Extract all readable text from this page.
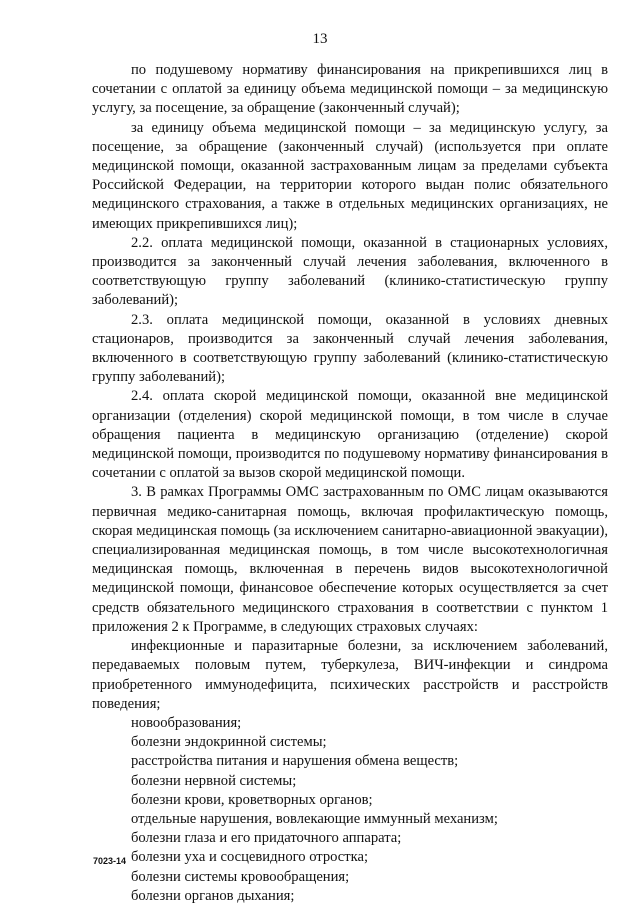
13

по подушевому нормативу финансирования на прикрепившихся лиц в сочетании с оплатой за единицу объема медицинской помощи – за медицинскую услугу, за посещение, за обращение (законченный случай);

за единицу объема медицинской помощи – за медицинскую услугу, за посещение, за обращение (законченный случай) (используется при оплате медицинской помощи, оказанной застрахованным лицам за пределами субъекта Российской Федерации, на территории которого выдан полис обязательного медицинского страхования, а также в отдельных медицинских организациях, не имеющих прикрепившихся лиц);

2.2. оплата медицинской помощи, оказанной в стационарных условиях, производится за законченный случай лечения заболевания, включенного в соответствующую группу заболеваний (клинико-статистическую группу заболеваний);

2.3. оплата медицинской помощи, оказанной в условиях дневных стационаров, производится за законченный случай лечения заболевания, включенного в соответствующую группу заболеваний (клинико-статистическую группу заболеваний);

2.4. оплата скорой медицинской помощи, оказанной вне медицинской организации (отделения) скорой медицинской помощи, в том числе в случае обращения пациента в медицинскую организацию (отделение) скорой медицинской помощи, производится по подушевому нормативу финансирования в сочетании с оплатой за вызов скорой медицинской помощи.

3. В рамках Программы ОМС застрахованным по ОМС лицам оказываются первичная медико-санитарная помощь, включая профилактическую помощь, скорая медицинская помощь (за исключением санитарно-авиационной эвакуации), специализированная медицинская помощь, в том числе высокотехнологичная медицинская помощь, включенная в перечень видов высокотехнологичной медицинской помощи, финансовое обеспечение которых осуществляется за счет средств обязательного медицинского страхования в соответствии с пунктом 1 приложения 2 к Программе, в следующих страховых случаях:

инфекционные и паразитарные болезни, за исключением заболеваний, передаваемых половым путем, туберкулеза, ВИЧ-инфекции и синдрома приобретенного иммунодефицита, психических расстройств и расстройств поведения;

новообразования;

болезни эндокринной системы;

расстройства питания и нарушения обмена веществ;

болезни нервной системы;

болезни крови, кроветворных органов;

отдельные нарушения, вовлекающие иммунный механизм;

болезни глаза и его придаточного аппарата;

болезни уха и сосцевидного отростка;

болезни системы кровообращения;

болезни органов дыхания;

7023-14
